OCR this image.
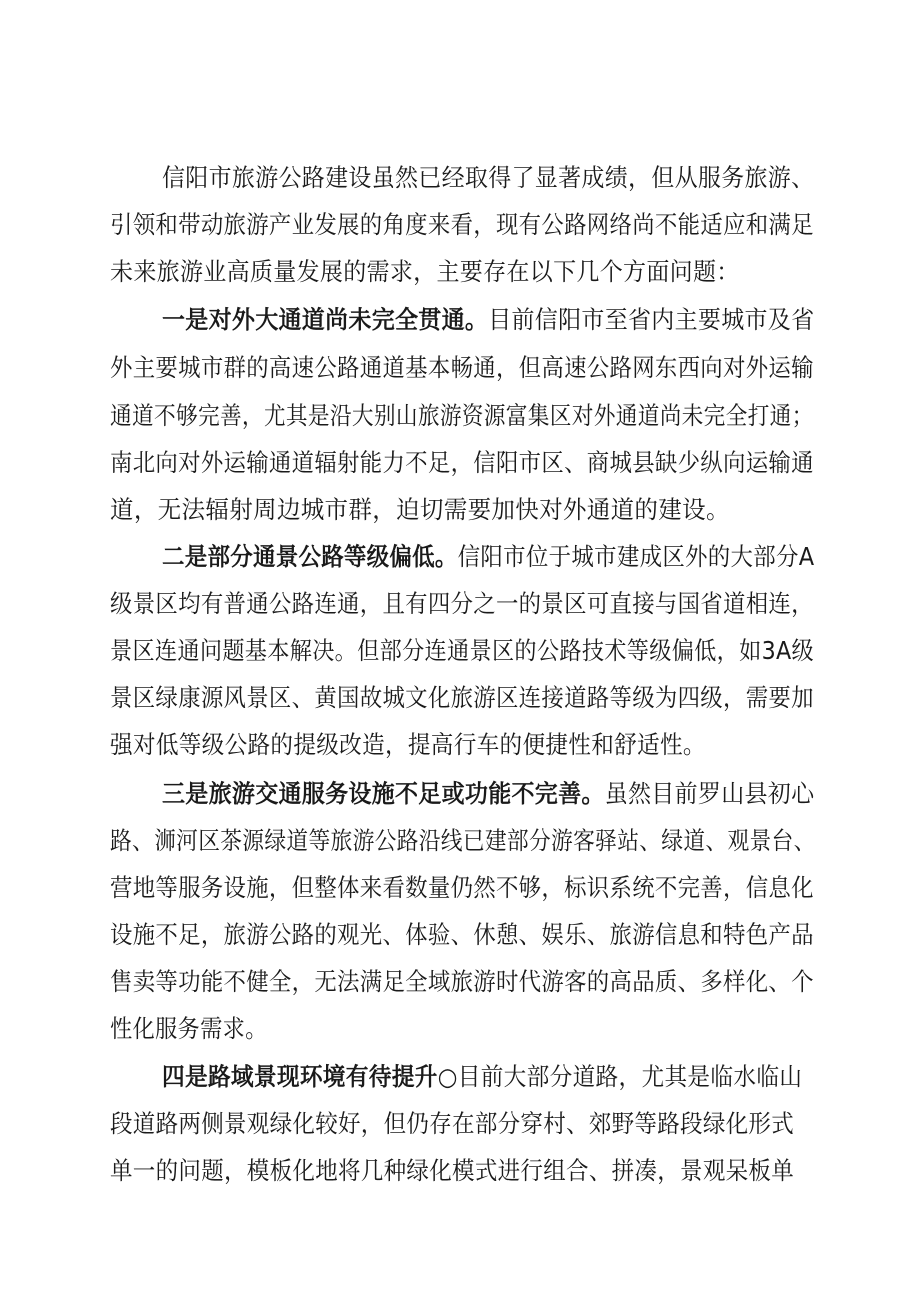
信阳市旅游公路建设虽然已经取得了显著成绩，但从服务旅游、
引领和带动旅游产业发展的角度来看，现有公路网络尚不能适应和满足
未来旅游业高质量发展的需求，主要存在以下几个方面问题：
一是对外大通道尚未完全贯通。目前信阳市至省内主要城市及省
外主要城市群的高速公路通道基本畅通，但高速公路网东西向对外运输
通道不够完善，尤其是沿大别山旅游资源富集区对外通道尚未完全打通；
南北向对外运输通道辐射能力不足，信阳市区、商城县缺少纵向运输通
道，无法辐射周边城市群，迫切需要加快对外通道的建设。
二是部分通景公路等级偏低。信阳市位于城市建成区外的大部分A
级景区均有普通公路连通，且有四分之一的景区可直接与国省道相连，
景区连通问题基本解决。但部分连通景区的公路技术等级偏低，如3A级
景区绿康源风景区、黄国故城文化旅游区连接道路等级为四级，需要加
强对低等级公路的提级改造，提高行车的便捷性和舒适性。
三是旅游交通服务设施不足或功能不完善。虽然目前罗山县初心
路、浉河区茶源绿道等旅游公路沿线已建部分游客驿站、绿道、观景台、
营地等服务设施，但整体来看数量仍然不够，标识系统不完善，信息化
设施不足，旅游公路的观光、体验、休憩、娱乐、旅游信息和特色产品
售卖等功能不健全，无法满足全域旅游时代游客的高品质、多样化、个
性化服务需求。
四是路域景现环境有待提升○目前大部分道路，尤其是临水临山
段道路两侧景观绿化较好，但仍存在部分穿村、郊野等路段绿化形式
单一的问题，模板化地将几种绿化模式进行组合、拼凑，景观呆板单
